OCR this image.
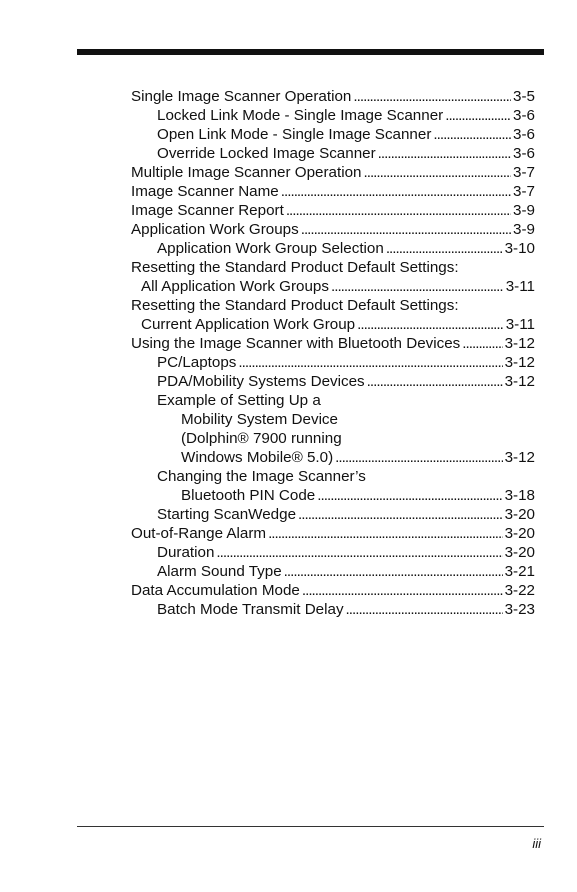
Single Image Scanner Operation . . .	3-5
Locked Link Mode - Single Image Scanner . . .	3-6
Open Link Mode - Single Image Scanner . . .	3-6
Override Locked Image Scanner . . .	3-6
Multiple Image Scanner Operation . . .	3-7
Image Scanner Name . . .	3-7
Image Scanner Report . . .	3-9
Application Work Groups . . .	3-9
Application Work Group Selection . . .	3-10
Resetting the Standard Product Default Settings:
All Application Work Groups . . .	3-11
Resetting the Standard Product Default Settings:
Current Application Work Group . . .	3-11
Using the Image Scanner with Bluetooth Devices . . .	3-12
PC/Laptops . . .	3-12
PDA/Mobility Systems Devices . . .	3-12
Example of Setting Up a
Mobility System Device
(Dolphin® 7900 running
Windows Mobile® 5.0) . . .	3-12
Changing the Image Scanner’s
Bluetooth PIN Code . . .	3-18
Starting ScanWedge . . .	3-20
Out-of-Range Alarm . . .	3-20
Duration . . .	3-20
Alarm Sound Type . . .	3-21
Data Accumulation Mode . . .	3-22
Batch Mode Transmit Delay . . .	3-23
iii
